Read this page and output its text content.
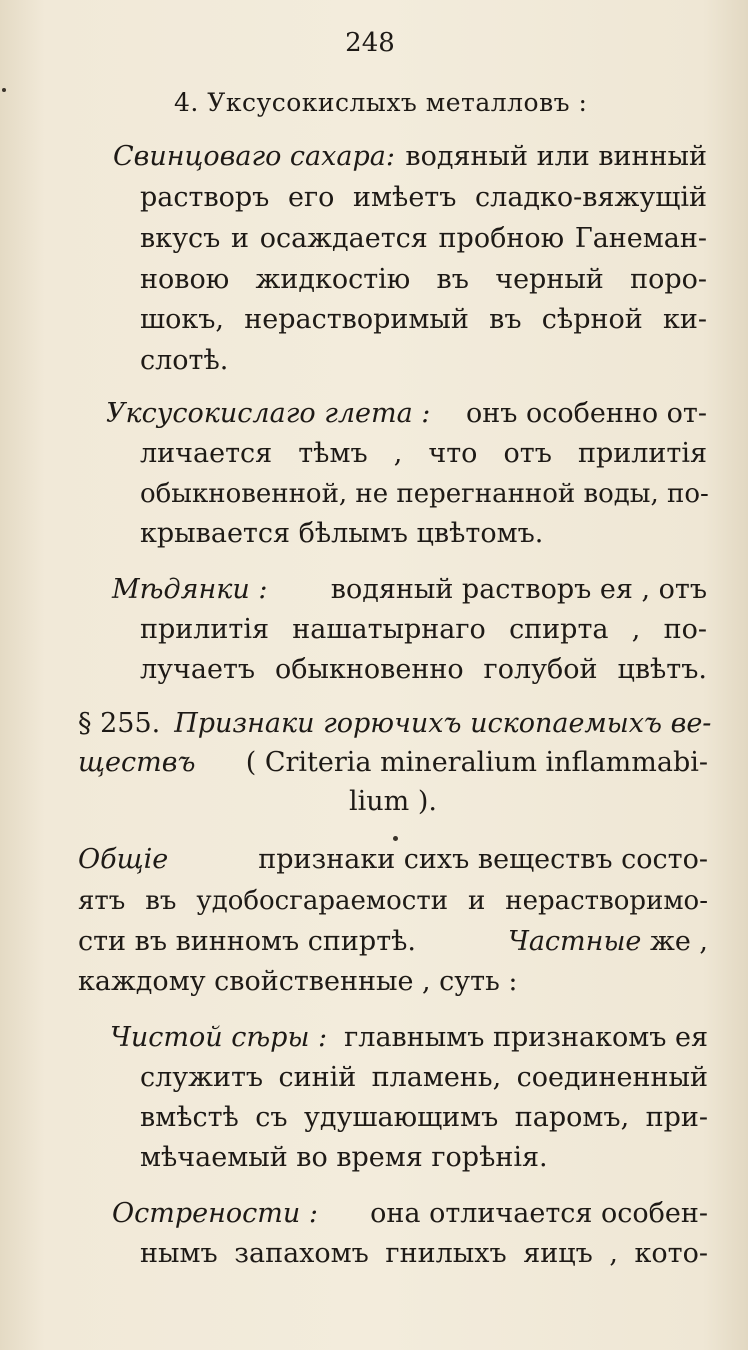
248
4. Уксусокислыхъ металловъ :
Свинцоваго сахара: водяный или винный
растворъ его имѣетъ сладко-вяжущій
вкусъ и осаждается пробною Ганеман-
новою жидкостію въ черный поро-
шокъ, нерастворимый въ сѣрной ки-
слотѣ.
Уксусокислаго глета : онъ особенно от-
личается тѣмъ , что отъ прилитія
обыкновенной, не перегнанной воды, по-
крывается бѣлымъ цвѣтомъ.
Мѣдянки : водяный растворъ ея , отъ
прилитія нашатырнаго спирта , по-
лучаетъ обыкновенно голубой цвѣтъ.
§ 255. Признаки горючихъ ископаемыхъ ве-
ществъ ( Criteria mineralium inflammabi-
lium ).
Общіе	признаки сихъ веществъ состо-
ятъ въ удобосгараемости и нерастворимо-
сти въ винномъ спиртѣ.	Частные же ,
каждому свойственные , суть :
Чистой сѣры : главнымъ признакомъ ея
служитъ синій пламень, соединенный
вмѣстѣ съ удушающимъ паромъ, при-
мѣчаемый во время горѣнія.
Острености : она отличается особен-
нымъ запахомъ гнилыхъ яицъ , кото-
